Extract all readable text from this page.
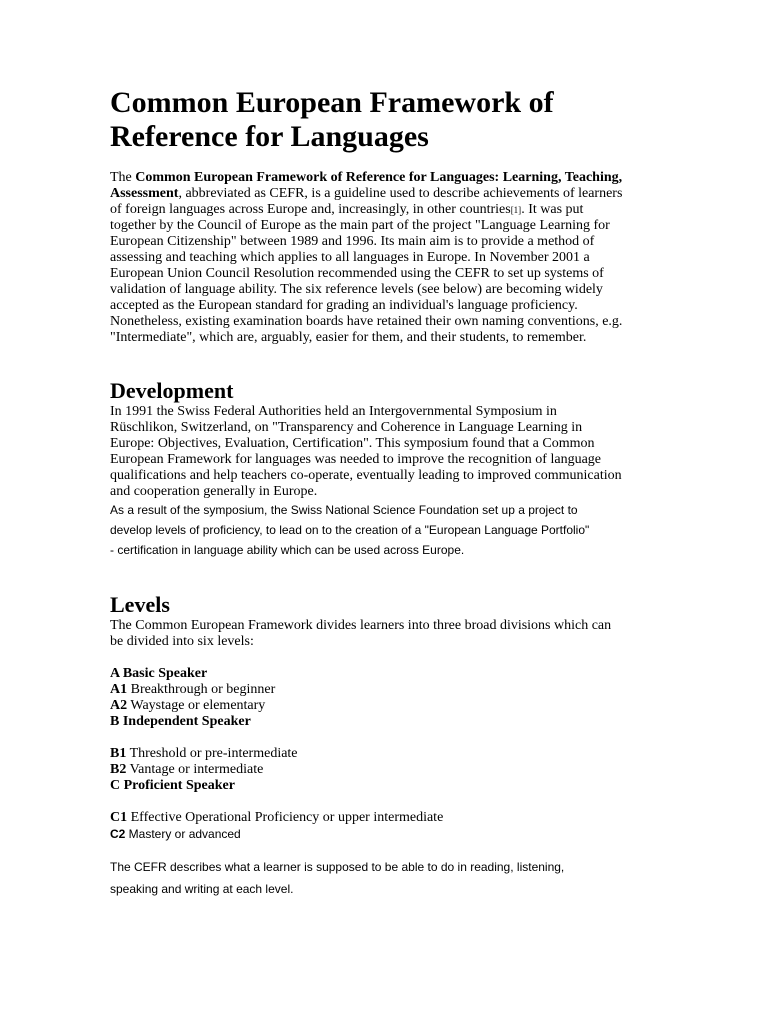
Common European Framework of
Reference for Languages

The Common European Framework of Reference for Languages: Learning, Teaching,
Assessment, abbreviated as CEFR, is a guideline used to describe achievements of learners
of foreign languages across Europe and, increasingly, in other countries[1]. It was put
together by the Council of Europe as the main part of the project "Language Learning for
European Citizenship" between 1989 and 1996. Its main aim is to provide a method of
assessing and teaching which applies to all languages in Europe. In November 2001 a
European Union Council Resolution recommended using the CEFR to set up systems of
validation of language ability. The six reference levels (see below) are becoming widely
accepted as the European standard for grading an individual's language proficiency.
Nonetheless, existing examination boards have retained their own naming conventions, e.g.
"Intermediate", which are, arguably, easier for them, and their students, to remember.

Development

In 1991 the Swiss Federal Authorities held an Intergovernmental Symposium in
Rüschlikon, Switzerland, on "Transparency and Coherence in Language Learning in
Europe: Objectives, Evaluation, Certification". This symposium found that a Common
European Framework for languages was needed to improve the recognition of language
qualifications and help teachers co-operate, eventually leading to improved communication
and cooperation generally in Europe.

As a result of the symposium, the Swiss National Science Foundation set up a project to
develop levels of proficiency, to lead on to the creation of a "European Language Portfolio"
- certification in language ability which can be used across Europe.

Levels

The Common European Framework divides learners into three broad divisions which can
be divided into six levels:

A Basic Speaker
A1 Breakthrough or beginner
A2 Waystage or elementary
B Independent Speaker

B1 Threshold or pre-intermediate
B2 Vantage or intermediate
C Proficient Speaker

C1 Effective Operational Proficiency or upper intermediate

C2 Mastery or advanced

The CEFR describes what a learner is supposed to be able to do in reading, listening,
speaking and writing at each level.
